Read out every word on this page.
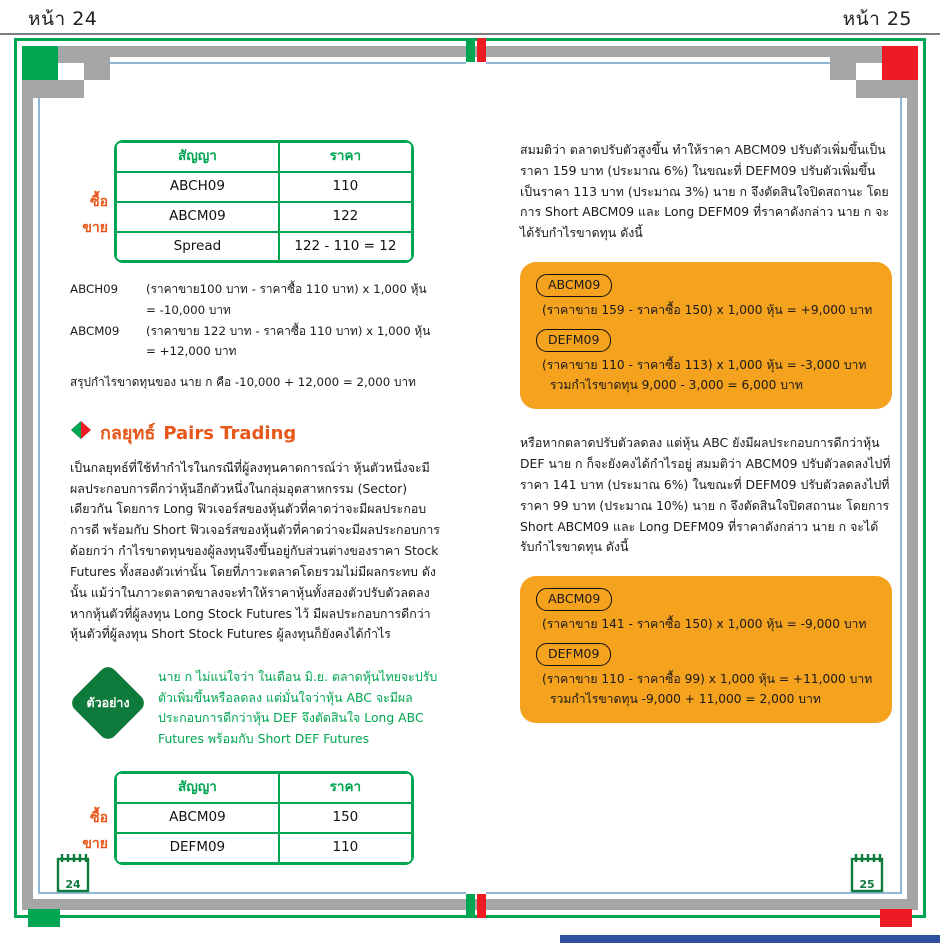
หน้า 24	หน้า 25
24	25
ซื้อ
ขาย
สัญญา	ราคา
ABCH09	110
ABCM09	122
Spread	122 - 110 = 12
ABCH09	(ราคาขาย100 บาท - ราคาซื้อ 110 บาท) x 1,000 หุ้น
= -10,000 บาท
ABCM09	(ราคาขาย 122 บาท - ราคาซื้อ 110 บาท) x 1,000 หุ้น
= +12,000 บาท
สรุปกำไรขาดทุนของ นาย ก คือ -10,000 + 12,000 = 2,000 บาท
กลยุทธ์ Pairs Trading
เป็นกลยุทธ์ที่ใช้ทำกำไรในกรณีที่ผู้ลงทุนคาดการณ์ว่า หุ้นตัวหนึ่งจะมีผลประกอบการดีกว่าหุ้นอีกตัวหนึ่งในกลุ่มอุตสาหกรรม (Sector) เดียวกัน โดยการ Long ฟิวเจอร์สของหุ้นตัวที่คาดว่าจะมีผลประกอบการดี พร้อมกับ Short ฟิวเจอร์สของหุ้นตัวที่คาดว่าจะมีผลประกอบการด้อยกว่า กำไรขาดทุนของผู้ลงทุนจึงขึ้นอยู่กับส่วนต่างของราคา Stock Futures ทั้งสองตัวเท่านั้น โดยที่ภาวะตลาดโดยรวมไม่มีผลกระทบ ดังนั้น แม้ว่าในภาวะตลาดขาลงจะทำให้ราคาหุ้นทั้งสองตัวปรับตัวลดลง หากหุ้นตัวที่ผู้ลงทุน Long Stock Futures ไว้ มีผลประกอบการดีกว่าหุ้นตัวที่ผู้ลงทุน Short Stock Futures ผู้ลงทุนก็ยังคงได้กำไร
ตัวอย่าง
นาย ก ไม่แน่ใจว่า ในเดือน มิ.ย. ตลาดหุ้นไทยจะปรับตัวเพิ่มขึ้นหรือลดลง แต่มั่นใจว่าหุ้น ABC จะมีผลประกอบการดีกว่าหุ้น DEF จึงตัดสินใจ Long ABC Futures พร้อมกับ Short DEF Futures
ซื้อ
ขาย
สัญญา	ราคา
ABCM09	150
DEFM09	110
สมมติว่า ตลาดปรับตัวสูงขึ้น ทำให้ราคา ABCM09 ปรับตัวเพิ่มขึ้นเป็นราคา 159 บาท (ประมาณ 6%) ในขณะที่ DEFM09 ปรับตัวเพิ่มขึ้นเป็นราคา 113 บาท (ประมาณ 3%) นาย ก จึงตัดสินใจปิดสถานะ โดยการ Short ABCM09 และ Long DEFM09 ที่ราคาดังกล่าว นาย ก จะได้รับกำไรขาดทุน ดังนี้
ABCM09
(ราคาขาย 159 - ราคาซื้อ 150) x 1,000 หุ้น = +9,000 บาท
DEFM09
(ราคาขาย 110 - ราคาซื้อ 113) x 1,000 หุ้น = -3,000 บาท
รวมกำไรขาดทุน 9,000 - 3,000 = 6,000 บาท
หรือหากตลาดปรับตัวลดลง แต่หุ้น ABC ยังมีผลประกอบการดีกว่าหุ้น DEF นาย ก ก็จะยังคงได้กำไรอยู่ สมมติว่า ABCM09 ปรับตัวลดลงไปที่ราคา 141 บาท (ประมาณ 6%) ในขณะที่ DEFM09 ปรับตัวลดลงไปที่ราคา 99 บาท (ประมาณ 10%) นาย ก จึงตัดสินใจปิดสถานะ โดยการ Short ABCM09 และ Long DEFM09 ที่ราคาดังกล่าว นาย ก จะได้รับกำไรขาดทุน ดังนี้
ABCM09
(ราคาขาย 141 - ราคาซื้อ 150) x 1,000 หุ้น = -9,000 บาท
DEFM09
(ราคาขาย 110 - ราคาซื้อ 99) x 1,000 หุ้น = +11,000 บาท
รวมกำไรขาดทุน -9,000 + 11,000 = 2,000 บาท
